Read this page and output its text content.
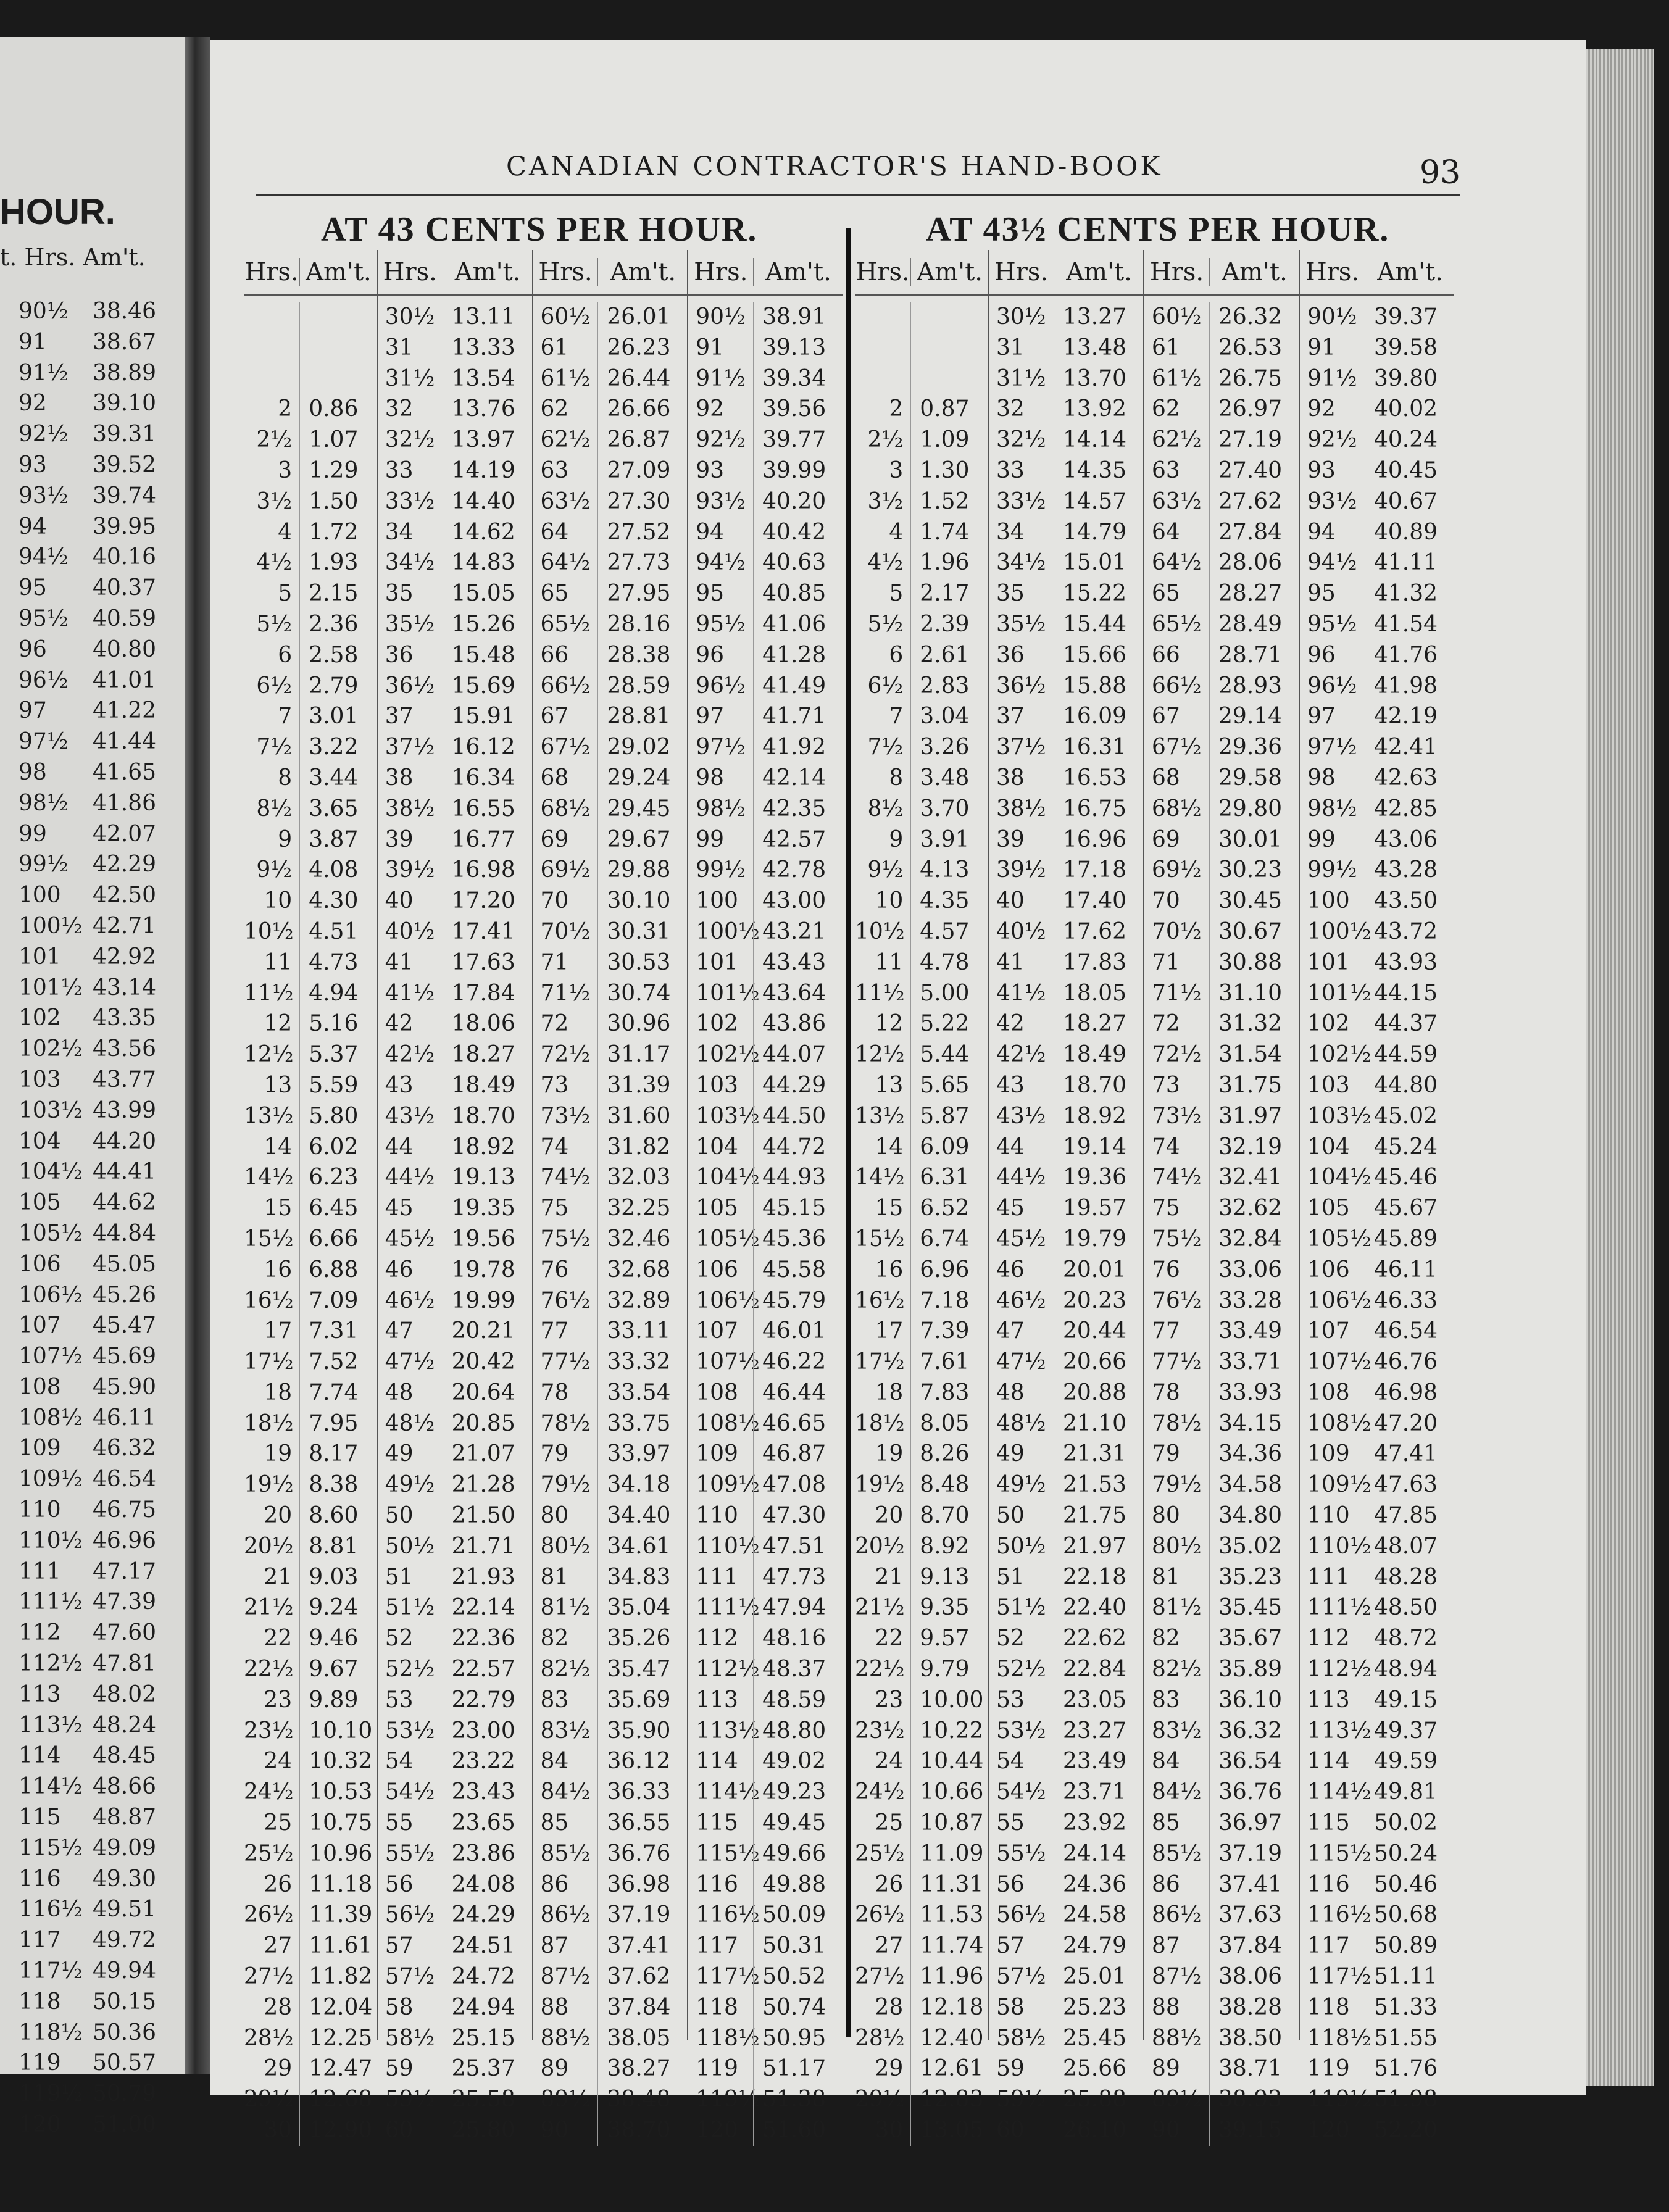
HOUR.
t. Hrs. Am't.
90½	38.46
91	38.67
91½	38.89
92	39.10
92½	39.31
93	39.52
93½	39.74
94	39.95
94½	40.16
95	40.37
95½	40.59
96	40.80
96½	41.01
97	41.22
97½	41.44
98	41.65
98½	41.86
99	42.07
99½	42.29
100	42.50
100½ 42.71
101	42.92
101½ 43.14
102	43.35
102½ 43.56
103	43.77
103½ 43.99
104	44.20
104½ 44.41
105	44.62
105½ 44.84
106	45.05
106½ 45.26
107	45.47
107½ 45.69
108	45.90
108½ 46.11
109	46.32
109½ 46.54
110	46.75
110½ 46.96
111	47.17
111½ 47.39
112	47.60
112½ 47.81
113	48.02
113½ 48.24
114	48.45
114½ 48.66
115	48.87
115½ 49.09
116	49.30
116½ 49.51
117	49.72
117½ 49.94
118	50.15
118½ 50.36
119	50.57
119½ 50.79
120	51.00
CANADIAN CONTRACTOR'S HAND-BOOK	93
AT 43 CENTS PER HOUR.	AT 43½ CENTS PER HOUR.
Hrs. Am't.
2 0.86
2½ 1.07
3 1.29
3½ 1.50
4 1.72
4½ 1.93
5 2.15
5½ 2.36
6 2.58
6½ 2.79
7 3.01
7½ 3.22
8 3.44
8½ 3.65
9 3.87
9½ 4.08
10 4.30
10½ 4.51
11 4.73
11½ 4.94
12 5.16
12½ 5.37
13 5.59
13½ 5.80
14 6.02
14½ 6.23
15 6.45
15½ 6.66
16 6.88
16½ 7.09
17 7.31
17½ 7.52
18 7.74
18½ 7.95
19 8.17
19½ 8.38
20 8.60
20½ 8.81
21 9.03
21½ 9.24
22 9.46
22½ 9.67
23 9.89
23½ 10.10
24 10.32
24½ 10.53
25 10.75
25½ 10.96
26 11.18
26½ 11.39
27 11.61
27½ 11.82
28 12.04
28½ 12.25
29 12.47
29½ 12.68
30 12.90
Hrs. Am't.
30½ 13.11
31	13.33
31½ 13.54
32	13.76
32½ 13.97
33	14.19
33½ 14.40
34	14.62
34½ 14.83
35	15.05
35½ 15.26
36	15.48
36½ 15.69
37	15.91
37½ 16.12
38	16.34
38½ 16.55
39	16.77
39½ 16.98
40	17.20
40½ 17.41
41	17.63
41½ 17.84
42	18.06
42½ 18.27
43	18.49
43½ 18.70
44	18.92
44½ 19.13
45	19.35
45½ 19.56
46	19.78
46½ 19.99
47	20.21
47½ 20.42
48	20.64
48½ 20.85
49	21.07
49½ 21.28
50	21.50
50½ 21.71
51	21.93
51½ 22.14
52	22.36
52½ 22.57
53	22.79
53½ 23.00
54	23.22
54½ 23.43
55	23.65
55½ 23.86
56	24.08
56½ 24.29
57	24.51
57½ 24.72
58	24.94
58½ 25.15
59	25.37
59½ 25.58
60	25.80
Hrs. Am't.
60½ 26.01
61	26.23
61½ 26.44
62	26.66
62½ 26.87
63	27.09
63½ 27.30
64	27.52
64½ 27.73
65	27.95
65½ 28.16
66	28.38
66½ 28.59
67	28.81
67½ 29.02
68	29.24
68½ 29.45
69	29.67
69½ 29.88
70	30.10
70½ 30.31
71	30.53
71½ 30.74
72	30.96
72½ 31.17
73	31.39
73½ 31.60
74	31.82
74½ 32.03
75	32.25
75½ 32.46
76	32.68
76½ 32.89
77	33.11
77½ 33.32
78	33.54
78½ 33.75
79	33.97
79½ 34.18
80	34.40
80½ 34.61
81	34.83
81½ 35.04
82	35.26
82½ 35.47
83	35.69
83½ 35.90
84	36.12
84½ 36.33
85	36.55
85½ 36.76
86	36.98
86½ 37.19
87	37.41
87½ 37.62
88	37.84
88½ 38.05
89	38.27
89½ 38.48
90	38.70
Hrs. Am't.
90½ 38.91
91	39.13
91½ 39.34
92	39.56
92½ 39.77
93	39.99
93½ 40.20
94	40.42
94½ 40.63
95	40.85
95½ 41.06
96	41.28
96½ 41.49
97	41.71
97½ 41.92
98	42.14
98½ 42.35
99	42.57
99½ 42.78
100	43.00
100½ 43.21
101	43.43
101½ 43.64
102	43.86
102½ 44.07
103	44.29
103½ 44.50
104	44.72
104½ 44.93
105	45.15
105½ 45.36
106	45.58
106½ 45.79
107	46.01
107½ 46.22
108	46.44
108½ 46.65
109	46.87
109½ 47.08
110	47.30
110½ 47.51
111	47.73
111½ 47.94
112	48.16
112½ 48.37
113	48.59
113½ 48.80
114	49.02
114½ 49.23
115	49.45
115½ 49.66
116	49.88
116½ 50.09
117	50.31
117½ 50.52
118	50.74
118½ 50.95
119	51.17
119½ 51.38
120	51.60
Hrs. Am't.
2 0.87
2½ 1.09
3 1.30
3½ 1.52
4 1.74
4½ 1.96
5 2.17
5½ 2.39
6 2.61
6½ 2.83
7 3.04
7½ 3.26
8 3.48
8½ 3.70
9 3.91
9½ 4.13
10 4.35
10½ 4.57
11 4.78
11½ 5.00
12 5.22
12½ 5.44
13 5.65
13½ 5.87
14 6.09
14½ 6.31
15 6.52
15½ 6.74
16 6.96
16½ 7.18
17 7.39
17½ 7.61
18 7.83
18½ 8.05
19 8.26
19½ 8.48
20 8.70
20½ 8.92
21 9.13
21½ 9.35
22 9.57
22½ 9.79
23 10.00
23½ 10.22
24 10.44
24½ 10.66
25 10.87
25½ 11.09
26 11.31
26½ 11.53
27 11.74
27½ 11.96
28 12.18
28½ 12.40
29 12.61
29½ 12.83
30 13.05
Hrs. Am't.
30½ 13.27
31	13.48
31½ 13.70
32	13.92
32½ 14.14
33	14.35
33½ 14.57
34	14.79
34½ 15.01
35	15.22
35½ 15.44
36	15.66
36½ 15.88
37	16.09
37½ 16.31
38	16.53
38½ 16.75
39	16.96
39½ 17.18
40	17.40
40½ 17.62
41	17.83
41½ 18.05
42	18.27
42½ 18.49
43	18.70
43½ 18.92
44	19.14
44½ 19.36
45	19.57
45½ 19.79
46	20.01
46½ 20.23
47	20.44
47½ 20.66
48	20.88
48½ 21.10
49	21.31
49½ 21.53
50	21.75
50½ 21.97
51	22.18
51½ 22.40
52	22.62
52½ 22.84
53	23.05
53½ 23.27
54	23.49
54½ 23.71
55	23.92
55½ 24.14
56	24.36
56½ 24.58
57	24.79
57½ 25.01
58	25.23
58½ 25.45
59	25.66
59½ 25.88
60	26.10
Hrs. Am't.
60½ 26.32
61	26.53
61½ 26.75
62	26.97
62½ 27.19
63	27.40
63½ 27.62
64	27.84
64½ 28.06
65	28.27
65½ 28.49
66	28.71
66½ 28.93
67	29.14
67½ 29.36
68	29.58
68½ 29.80
69	30.01
69½ 30.23
70	30.45
70½ 30.67
71	30.88
71½ 31.10
72	31.32
72½ 31.54
73	31.75
73½ 31.97
74	32.19
74½ 32.41
75	32.62
75½ 32.84
76	33.06
76½ 33.28
77	33.49
77½ 33.71
78	33.93
78½ 34.15
79	34.36
79½ 34.58
80	34.80
80½ 35.02
81	35.23
81½ 35.45
82	35.67
82½ 35.89
83	36.10
83½ 36.32
84	36.54
84½ 36.76
85	36.97
85½ 37.19
86	37.41
86½ 37.63
87	37.84
87½ 38.06
88	38.28
88½ 38.50
89	38.71
89½ 38.93
90	39.15
Hrs. Am't.
90½ 39.37
91	39.58
91½ 39.80
92	40.02
92½ 40.24
93	40.45
93½ 40.67
94	40.89
94½ 41.11
95	41.32
95½ 41.54
96	41.76
96½ 41.98
97	42.19
97½ 42.41
98	42.63
98½ 42.85
99	43.06
99½ 43.28
100	43.50
100½ 43.72
101	43.93
101½ 44.15
102	44.37
102½ 44.59
103	44.80
103½ 45.02
104	45.24
104½ 45.46
105	45.67
105½ 45.89
106	46.11
106½ 46.33
107	46.54
107½ 46.76
108	46.98
108½ 47.20
109	47.41
109½ 47.63
110	47.85
110½ 48.07
111	48.28
111½ 48.50
112	48.72
112½ 48.94
113	49.15
113½ 49.37
114	49.59
114½ 49.81
115	50.02
115½ 50.24
116	50.46
116½ 50.68
117	50.89
117½ 51.11
118	51.33
118½ 51.55
119	51.76
119½ 51.98
120	52.20
